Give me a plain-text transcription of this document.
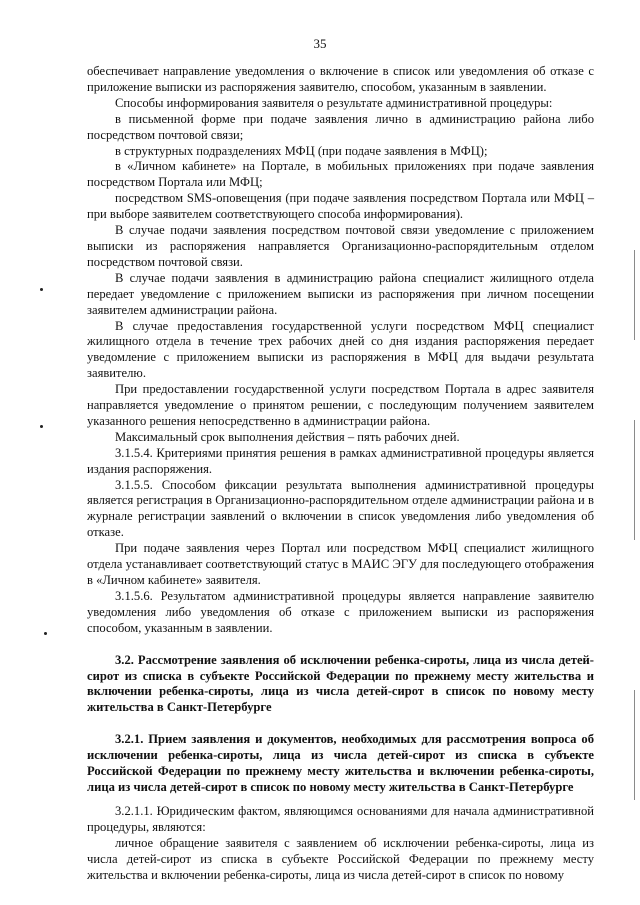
35

обеспечивает направление уведомления о включение в список или уведомления об отказе с приложение выписки из распоряжения заявителю, способом, указанным в заявлении.

Способы информирования заявителя о результате административной процедуры:

в письменной форме при подаче заявления лично в администрацию района либо посредством почтовой связи;

в структурных подразделениях МФЦ (при подаче заявления в МФЦ);

в «Личном кабинете» на Портале, в мобильных приложениях при подаче заявления посредством Портала или МФЦ;

посредством SMS-оповещения (при подаче заявления посредством Портала или МФЦ – при выборе заявителем соответствующего способа информирования).

В случае подачи заявления посредством почтовой связи уведомление с приложением выписки из распоряжения направляется Организационно-распорядительным отделом посредством почтовой связи.

В случае подачи заявления в администрацию района специалист жилищного отдела передает уведомление с приложением выписки из распоряжения при личном посещении заявителем администрации района.

В случае предоставления государственной услуги посредством МФЦ специалист жилищного отдела в течение трех рабочих дней со дня издания распоряжения передает уведомление с приложением выписки из распоряжения в МФЦ для выдачи результата заявителю.

При предоставлении государственной услуги посредством Портала в адрес заявителя направляется уведомление о принятом решении, с последующим получением заявителем указанного решения непосредственно в администрации района.

Максимальный срок выполнения действия – пять рабочих дней.

3.1.5.4. Критериями принятия решения в рамках административной процедуры является издания распоряжения.

3.1.5.5. Способом фиксации результата выполнения административной процедуры является регистрация в Организационно-распорядительном отделе администрации района и в журнале регистрации заявлений о включении в список уведомления либо уведомления об отказе.

При подаче заявления через Портал или посредством МФЦ специалист жилищного отдела устанавливает соответствующий статус в МАИС ЭГУ для последующего отображения в «Личном кабинете» заявителя.

3.1.5.6. Результатом административной процедуры является направление заявителю уведомления либо уведомления об отказе с приложением выписки из распоряжения способом, указанным в заявлении.

3.2. Рассмотрение заявления об исключении ребенка-сироты, лица из числа детей-сирот из списка в субъекте Российской Федерации по прежнему месту жительства и включении ребенка-сироты, лица из числа детей-сирот в список по новому месту жительства в Санкт-Петербурге
3.2.1. Прием заявления и документов, необходимых для рассмотрения вопроса об исключении ребенка-сироты, лица из числа детей-сирот из списка в субъекте Российской Федерации по прежнему месту жительства и включении ребенка-сироты, лица из числа детей-сирот в список по новому месту жительства в Санкт-Петербурге

3.2.1.1. Юридическим фактом, являющимся основаниями для начала административной процедуры, являются:

личное обращение заявителя с заявлением об исключении ребенка-сироты, лица из числа детей-сирот из списка в субъекте Российской Федерации по прежнему месту жительства и включении ребенка-сироты, лица из числа детей-сирот в список по новому
